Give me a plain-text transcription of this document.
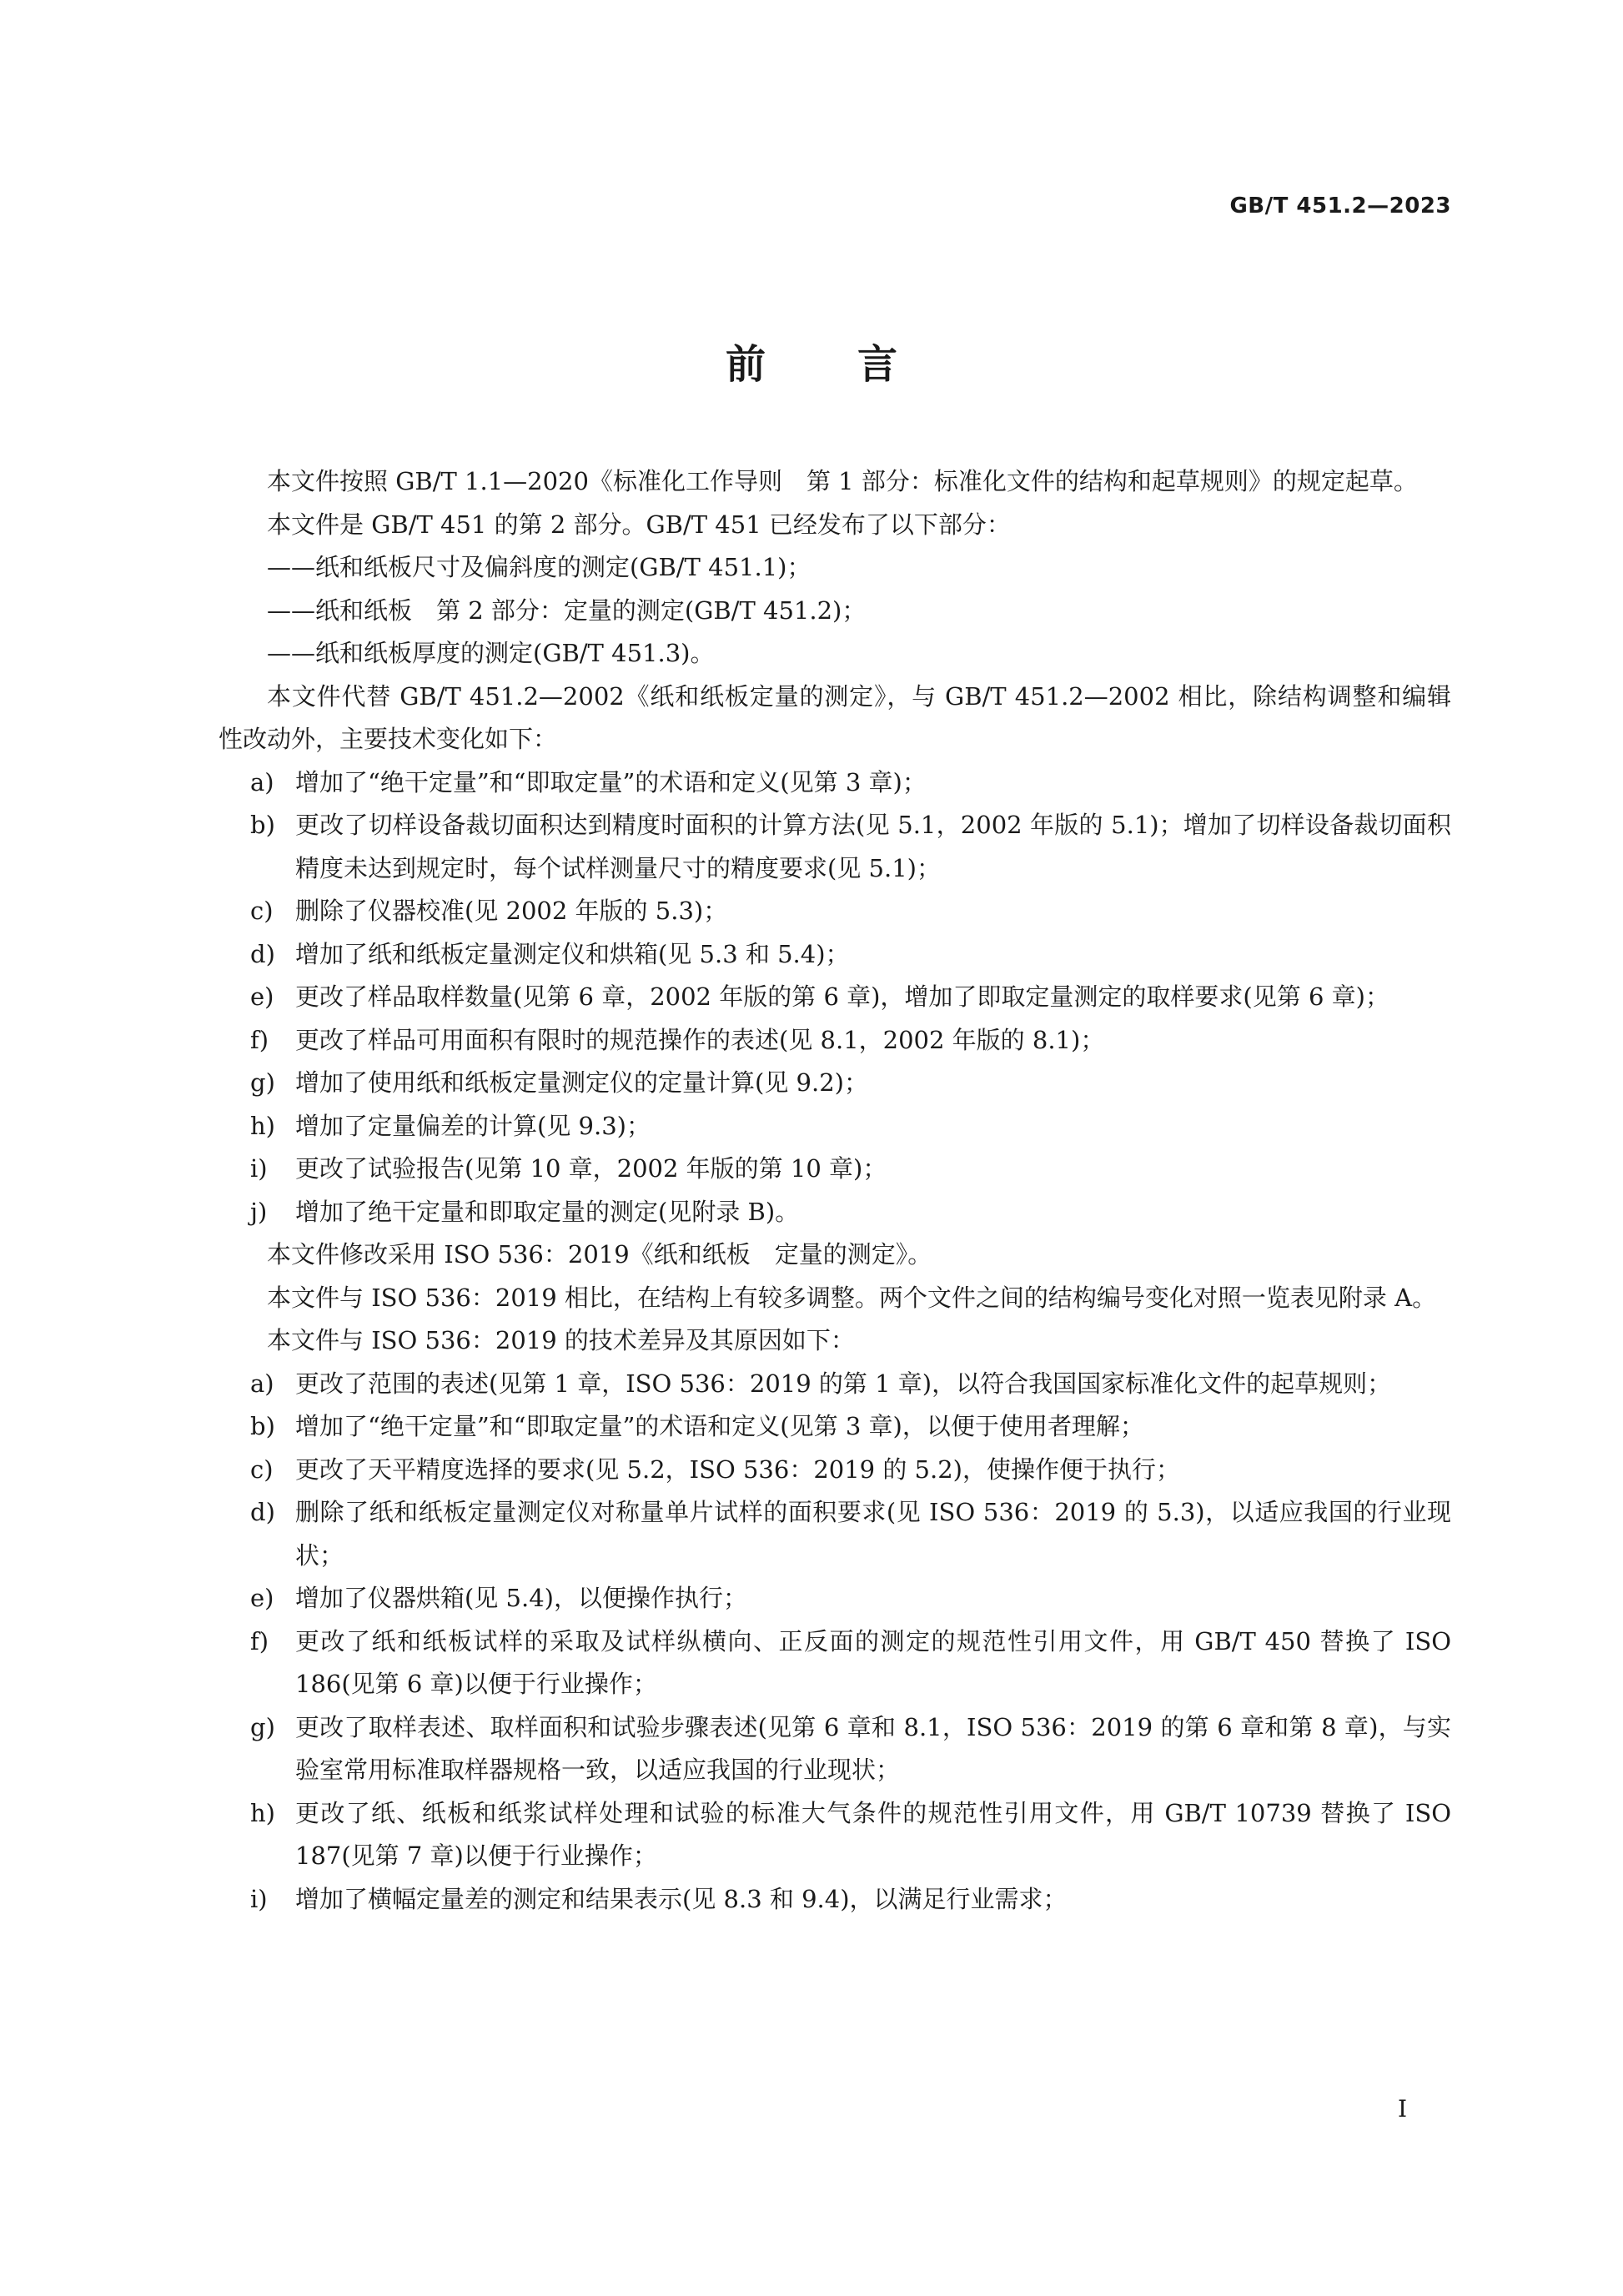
GB/T 451.2—2023
前言

本文件按照 GB/T 1.1—2020《标准化工作导则　第 1 部分：标准化文件的结构和起草规则》的规定起草。

本文件是 GB/T 451 的第 2 部分。GB/T 451 已经发布了以下部分：

——纸和纸板尺寸及偏斜度的测定(GB/T 451.1)；

——纸和纸板　第 2 部分：定量的测定(GB/T 451.2)；

——纸和纸板厚度的测定(GB/T 451.3)。

本文件代替 GB/T 451.2—2002《纸和纸板定量的测定》，与 GB/T 451.2—2002 相比，除结构调整和编辑性改动外，主要技术变化如下：

a) 增加了“绝干定量”和“即取定量”的术语和定义(见第 3 章)；

b) 更改了切样设备裁切面积达到精度时面积的计算方法(见 5.1，2002 年版的 5.1)；增加了切样设备裁切面积精度未达到规定时，每个试样测量尺寸的精度要求(见 5.1)；

c) 删除了仪器校准(见 2002 年版的 5.3)；

d) 增加了纸和纸板定量测定仪和烘箱(见 5.3 和 5.4)；

e) 更改了样品取样数量(见第 6 章，2002 年版的第 6 章)，增加了即取定量测定的取样要求(见第 6 章)；

f) 更改了样品可用面积有限时的规范操作的表述(见 8.1，2002 年版的 8.1)；

g) 增加了使用纸和纸板定量测定仪的定量计算(见 9.2)；

h) 增加了定量偏差的计算(见 9.3)；

i) 更改了试验报告(见第 10 章，2002 年版的第 10 章)；

j) 增加了绝干定量和即取定量的测定(见附录 B)。

本文件修改采用 ISO 536：2019《纸和纸板　定量的测定》。

本文件与 ISO 536：2019 相比，在结构上有较多调整。两个文件之间的结构编号变化对照一览表见附录 A。

本文件与 ISO 536：2019 的技术差异及其原因如下：

a) 更改了范围的表述(见第 1 章，ISO 536：2019 的第 1 章)，以符合我国国家标准化文件的起草规则；

b) 增加了“绝干定量”和“即取定量”的术语和定义(见第 3 章)，以便于使用者理解；

c) 更改了天平精度选择的要求(见 5.2，ISO 536：2019 的 5.2)，使操作便于执行；

d) 删除了纸和纸板定量测定仪对称量单片试样的面积要求(见 ISO 536：2019 的 5.3)，以适应我国的行业现状；

e) 增加了仪器烘箱(见 5.4)，以便操作执行；

f) 更改了纸和纸板试样的采取及试样纵横向、正反面的测定的规范性引用文件，用 GB/T 450 替换了 ISO 186(见第 6 章)以便于行业操作；

g) 更改了取样表述、取样面积和试验步骤表述(见第 6 章和 8.1，ISO 536：2019 的第 6 章和第 8 章)，与实验室常用标准取样器规格一致，以适应我国的行业现状；

h) 更改了纸、纸板和纸浆试样处理和试验的标准大气条件的规范性引用文件，用 GB/T 10739 替换了 ISO 187(见第 7 章)以便于行业操作；

i) 增加了横幅定量差的测定和结果表示(见 8.3 和 9.4)，以满足行业需求；

I
